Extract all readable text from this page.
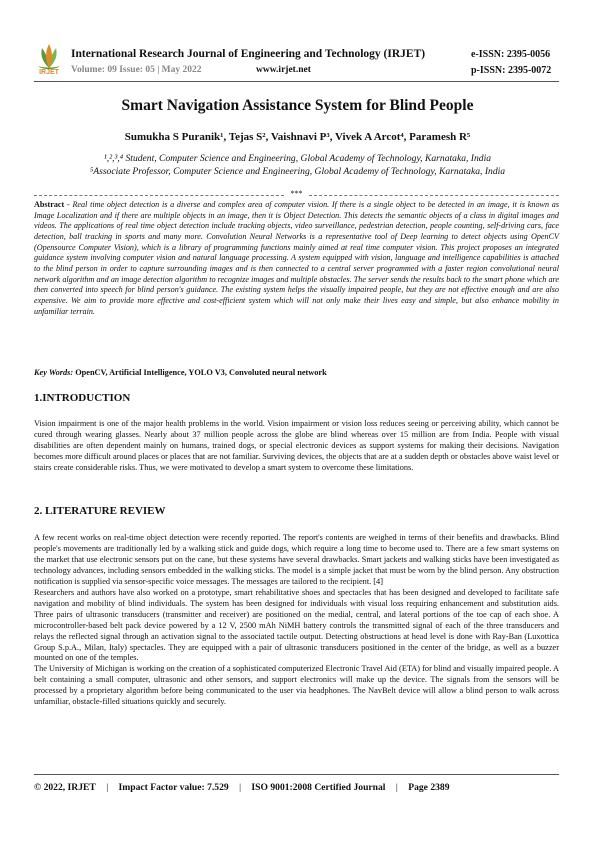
IRJET
International Research Journal of Engineering and Technology (IRJET)	e-ISSN: 2395-0056
Volume: 09 Issue: 05 | May 2022	www.irjet.net	p-ISSN: 2395-0072
Smart Navigation Assistance System for Blind People
Sumukha S Puranik¹, Tejas S², Vaishnavi P³, Vivek A Arcot⁴, Paramesh R⁵
¹,²,³,⁴ Student, Computer Science and Engineering, Global Academy of Technology, Karnataka, India
⁵Associate Professor, Computer Science and Engineering, Global Academy of Technology, Karnataka, India
***
Abstract - Real time object detection is a diverse and complex area of computer vision. If there is a single object to be detected in an image, it is known as Image Localization and if there are multiple objects in an image, then it is Object Detection. This detects the semantic objects of a class in digital images and videos. The applications of real time object detection include tracking objects, video surveillance, pedestrian detection, people counting, self-driving cars, face detection, ball tracking in sports and many more. Convolution Neural Networks is a representative tool of Deep learning to detect objects using OpenCV (Opensource Computer Vision), which is a library of programming functions mainly aimed at real time computer vision. This project proposes an integrated guidance system involving computer vision and natural language processing. A system equipped with vision, language and intelligence capabilities is attached to the blind person in order to capture surrounding images and is then connected to a central server programmed with a faster region convolutional neural network algorithm and an image detection algorithm to recognize images and multiple obstacles. The server sends the results back to the smart phone which are then converted into speech for blind person's guidance. The existing system helps the visually impaired people, but they are not effective enough and are also expensive. We aim to provide more effective and cost-efficient system which will not only make their lives easy and simple, but also enhance mobility in unfamiliar terrain.
Key Words: OpenCV, Artificial Intelligence, YOLO V3, Convoluted neural network
1.INTRODUCTION
Vision impairment is one of the major health problems in the world. Vision impairment or vision loss reduces seeing or perceiving ability, which cannot be cured through wearing glasses. Nearly about 37 million people across the globe are blind whereas over 15 million are from India. People with visual disabilities are often dependent mainly on humans, trained dogs, or special electronic devices as support systems for making their decisions. Navigation becomes more difficult around places or places that are not familiar. Surviving devices, the objects that are at a sudden depth or obstacles above waist level or stairs create considerable risks. Thus, we were motivated to develop a smart system to overcome these limitations.
2. LITERATURE REVIEW
A few recent works on real-time object detection were recently reported. The report's contents are weighed in terms of their benefits and drawbacks. Blind people's movements are traditionally led by a walking stick and guide dogs, which require a long time to become used to. There are a few smart systems on the market that use electronic sensors put on the cane, but these systems have several drawbacks. Smart jackets and walking sticks have been investigated as technology advances, including sensors embedded in the walking sticks. The model is a simple jacket that must be worn by the blind person. Any obstruction notification is supplied via sensor-specific voice messages. The messages are tailored to the recipient. [4]
Researchers and authors have also worked on a prototype, smart rehabilitative shoes and spectacles that has been designed and developed to facilitate safe navigation and mobility of blind individuals. The system has been designed for individuals with visual loss requiring enhancement and substitution aids. Three pairs of ultrasonic transducers (transmitter and receiver) are positioned on the medial, central, and lateral portions of the toe cap of each shoe. A microcontroller-based belt pack device powered by a 12 V, 2500 mAh NiMH battery controls the transmitted signal of each of the three transducers and relays the reflected signal through an activation signal to the associated tactile output. Detecting obstructions at head level is done with Ray-Ban (Luxottica Group S.p.A., Milan, Italy) spectacles. They are equipped with a pair of ultrasonic transducers positioned in the center of the bridge, as well as a buzzer mounted on one of the temples.
The University of Michigan is working on the creation of a sophisticated computerized Electronic Travel Aid (ETA) for blind and visually impaired people. A belt containing a small computer, ultrasonic and other sensors, and support electronics will make up the device. The signals from the sensors will be processed by a proprietary algorithm before being communicated to the user via headphones. The NavBelt device will allow a blind person to walk across unfamiliar, obstacle-filled situations quickly and securely.
© 2022, IRJET | Impact Factor value: 7.529 | ISO 9001:2008 Certified Journal | Page 2389
